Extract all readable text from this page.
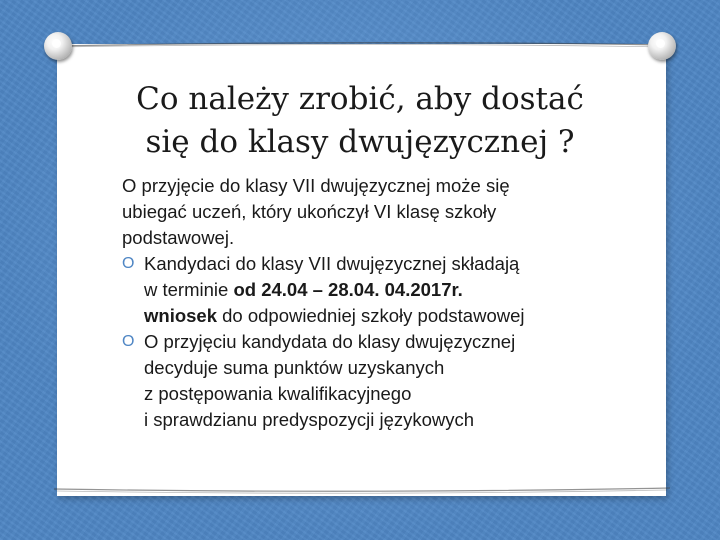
Co należy zrobić, aby dostać
się do klasy dwujęzycznej ?
O przyjęcie do klasy VII dwujęzycznej może się
ubiegać uczeń, który ukończył VI klasę szkoły
podstawowej.
O Kandydaci do klasy VII dwujęzycznej składają
w terminie od 24.04 – 28.04. 04.2017r.
wniosek do odpowiedniej szkoły podstawowej
O O przyjęciu kandydata do klasy dwujęzycznej
decyduje suma punktów uzyskanych
z postępowania kwalifikacyjnego
i sprawdzianu predyspozycji językowych
